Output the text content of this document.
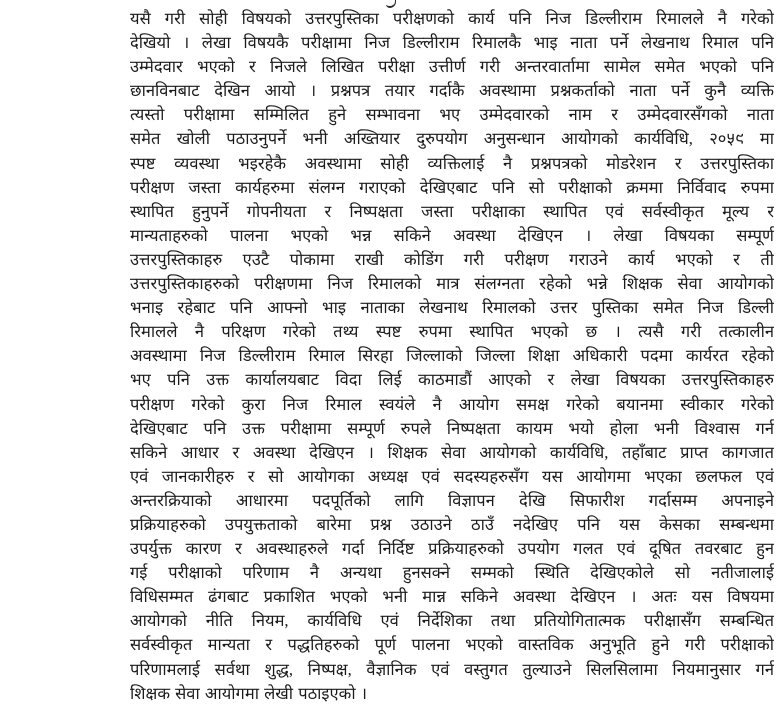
यसै गरी सोही विषयको उत्तरपुस्तिका परीक्षणको कार्य पनि निज डिल्लीराम रिमालले नै गरेको
देखियो । लेखा विषयकै परीक्षामा निज डिल्लीराम रिमालकै भाइ नाता पर्ने लेखनाथ रिमाल पनि
उम्मेदवार भएको र निजले लिखित परीक्षा उत्तीर्ण गरी अन्तरवार्तामा सामेल समेत भएको पनि
छानविनबाट देखिन आयो । प्रश्नपत्र तयार गर्दाकै अवस्थामा प्रश्नकर्ताको नाता पर्ने कुनै व्यक्ति
त्यस्तो परीक्षामा सम्मिलित हुने सम्भावना भए उम्मेदवारको नाम र उम्मेदवारसँगको नाता
समेत खोली पठाउनुपर्ने भनी अख्तियार दुरुपयोग अनुसन्धान आयोगको कार्यविधि, २०५९ मा
स्पष्ट व्यवस्था भइरहेकै अवस्थामा सोही व्यक्तिलाई नै प्रश्नपत्रको मोडरेशन र उत्तरपुस्तिका
परीक्षण जस्ता कार्यहरुमा संलग्न गराएको देखिएबाट पनि सो परीक्षाको क्रममा निर्विवाद रुपमा
स्थापित हुनुपर्ने गोपनीयता र निष्पक्षता जस्ता परीक्षाका स्थापित एवं सर्वस्वीकृत मूल्य र
मान्यताहरुको पालना भएको भन्न सकिने अवस्था देखिएन । लेखा विषयका सम्पूर्ण
उत्तरपुस्तिकाहरु एउटै पोकामा राखी कोडिंग गरी परीक्षण गराउने कार्य भएको र ती
उत्तरपुस्तिकाहरुको परीक्षणमा निज रिमालको मात्र संलग्नता रहेको भन्ने शिक्षक सेवा आयोगको
भनाइ रहेबाट पनि आफ्नो भाइ नाताका लेखनाथ रिमालको उत्तर पुस्तिका समेत निज डिल्ली
रिमालले नै परिक्षण गरेको तथ्य स्पष्ट रुपमा स्थापित भएको छ । त्यसै गरी तत्कालीन
अवस्थामा निज डिल्लीराम रिमाल सिरहा जिल्लाको जिल्ला शिक्षा अधिकारी पदमा कार्यरत रहेको
भए पनि उक्त कार्यालयबाट विदा लिई काठमाडौं आएको र लेखा विषयका उत्तरपुस्तिकाहरु
परीक्षण गरेको कुरा निज रिमाल स्वयंले नै आयोग समक्ष गरेको बयानमा स्वीकार गरेको
देखिएबाट पनि उक्त परीक्षामा सम्पूर्ण रुपले निष्पक्षता कायम भयो होला भनी विश्वास गर्न
सकिने आधार र अवस्था देखिएन । शिक्षक सेवा आयोगको कार्यविधि, तहाँबाट प्राप्त कागजात
एवं जानकारीहरु र सो आयोगका अध्यक्ष एवं सदस्यहरुसँग यस आयोगमा भएका छलफल एवं
अन्तरक्रियाको आधारमा पदपूर्तिको लागि विज्ञापन देखि सिफारीश गर्दासम्म अपनाइने
प्रक्रियाहरुको उपयुक्तताको बारेमा प्रश्न उठाउने ठाउँ नदेखिए पनि यस केसका सम्बन्धमा
उपर्युक्त कारण र अवस्थाहरुले गर्दा निर्दिष्ट प्रक्रियाहरुको उपयोग गलत एवं दूषित तवरबाट हुन
गई परीक्षाको परिणाम नै अन्यथा हुनसक्ने सम्मको स्थिति देखिएकोले सो नतीजालाई
विधिसम्मत ढंगबाट प्रकाशित भएको भनी मान्न सकिने अवस्था देखिएन । अतः यस विषयमा
आयोगको नीति नियम, कार्यविधि एवं निर्देशिका तथा प्रतियोगितात्मक परीक्षासँग सम्बन्धित
सर्वस्वीकृत मान्यता र पद्धतिहरुको पूर्ण पालना भएको वास्तविक अनुभूति हुने गरी परीक्षाको
परिणामलाई सर्वथा शुद्ध, निष्पक्ष, वैज्ञानिक एवं वस्तुगत तुल्याउने सिलसिलामा नियमानुसार गर्न
शिक्षक सेवा आयोगमा लेखी पठाइएको ।
